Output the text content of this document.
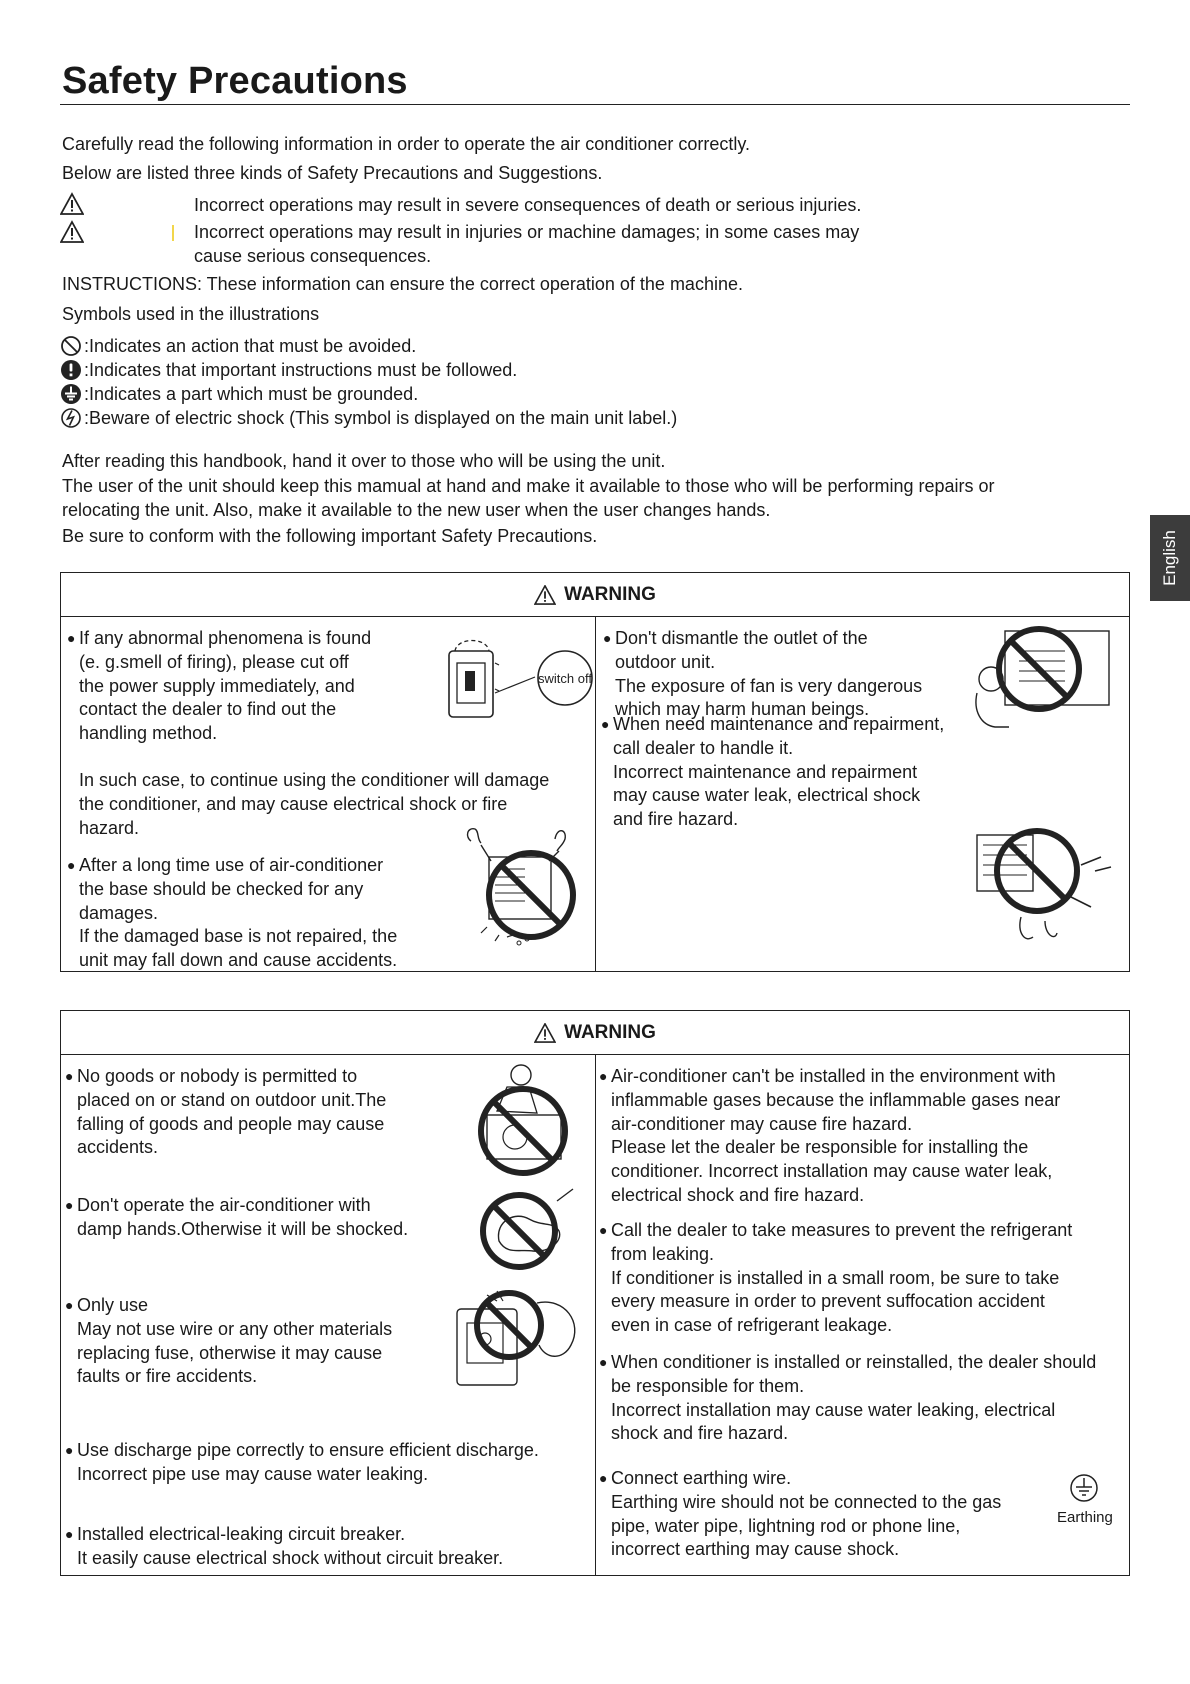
Safety Precautions
Carefully read the following information in order to operate the air conditioner correctly.
Below are listed three kinds of Safety Precautions and Suggestions.
Incorrect operations may result in severe consequences of death or serious injuries.
Incorrect operations may result in injuries or machine damages; in some cases may
cause serious consequences.
INSTRUCTIONS: These information can ensure the correct operation of the machine.
Symbols used in the illustrations
:Indicates an action that must be avoided.
:Indicates that important instructions must be followed.
:Indicates a part which must be grounded.
:Beware of electric shock (This symbol is displayed on the main unit label.)
After reading this handbook, hand it over to those who will be using the unit.
The user of the unit should keep this mamual at hand and make it available to those who will be performing repairs or
relocating the unit. Also, make it available to the new user when the user changes hands.
Be sure to conform with the following important Safety Precautions.	English
WARNING
● If any abnormal phenomena is found
(e. g.smell of firing), please cut off
the power supply immediately, and
contact the dealer to find out the
handling method.
switch off
In such case, to continue using the conditioner will damage
the conditioner, and may cause electrical shock or fire
hazard.
● After a long time use of air-conditioner
the base should be checked for any
damages.
If the damaged base is not repaired, the
unit may fall down and cause accidents.
● Don't dismantle the outlet of the
outdoor unit.
The exposure of fan is very dangerous
which may harm human beings.
● When need maintenance and repairment,
call dealer to handle it.
Incorrect maintenance and repairment
may cause water leak, electrical shock
and fire hazard.
WARNING
● No goods or nobody is permitted to
placed on or stand on outdoor unit.The
falling of goods and people may cause
accidents.
● Don't operate the air-conditioner with
damp hands.Otherwise it will be shocked.
● Only use
May not use wire or any other materials
replacing fuse, otherwise it may cause
faults or fire accidents.
● Use discharge pipe correctly to ensure efficient discharge.
Incorrect pipe use may cause water leaking.
● Installed electrical-leaking circuit breaker.
It easily cause electrical shock without circuit breaker.
● Air-conditioner can't be installed in the environment with
inflammable gases because the inflammable gases near
air-conditioner may cause fire hazard.
Please let the dealer be responsible for installing the
conditioner. Incorrect installation may cause water leak,
electrical shock and fire hazard.
● Call the dealer to take measures to prevent the refrigerant
from leaking.
If conditioner is installed in a small room, be sure to take
every measure in order to prevent suffocation accident
even in case of refrigerant leakage.
● When conditioner is installed or reinstalled, the dealer should
be responsible for them.
Incorrect installation may cause water leaking, electrical
shock and fire hazard.
● Connect earthing wire.
Earthing wire should not be connected to the gas
pipe, water pipe, lightning rod or phone line,
incorrect earthing may cause shock.
Earthing
